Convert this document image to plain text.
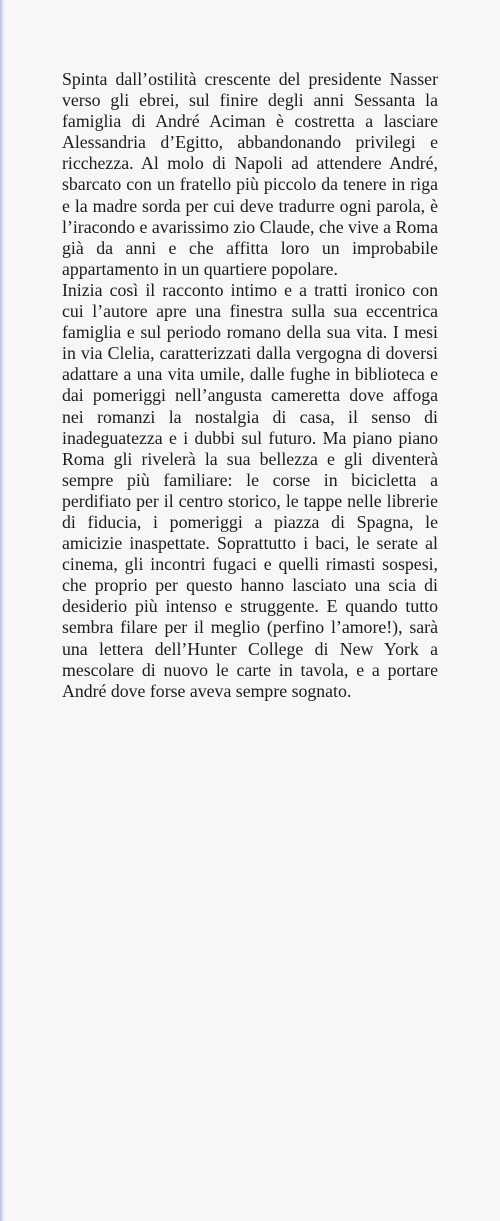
Spinta dall’ostilità crescente del presidente Nasser verso gli ebrei, sul finire degli anni Sessanta la famiglia di André Aciman è costretta a lasciare Alessandria d’Egitto, abbandonando privilegi e ricchezza. Al molo di Napoli ad attendere André, sbarcato con un fratello più piccolo da tenere in riga e la madre sorda per cui deve tradurre ogni parola, è l’iracondo e avarissimo zio Claude, che vive a Roma già da anni e che affitta loro un improbabile appartamento in un quartiere popolare.

Inizia così il racconto intimo e a tratti ironico con cui l’autore apre una finestra sulla sua eccentrica famiglia e sul periodo romano della sua vita. I mesi in via Clelia, caratterizzati dalla vergogna di doversi adattare a una vita umile, dalle fughe in biblioteca e dai pomeriggi nell’angusta cameretta dove affoga nei romanzi la nostalgia di casa, il senso di inadeguatezza e i dubbi sul futuro. Ma piano piano Roma gli rivelerà la sua bellezza e gli diventerà sempre più familiare: le corse in bicicletta a perdifiato per il centro storico, le tappe nelle librerie di fiducia, i pomeriggi a piazza di Spagna, le amicizie inaspettate. Soprattutto i baci, le serate al cinema, gli incontri fugaci e quelli rimasti sospesi, che proprio per questo hanno lasciato una scia di desiderio più intenso e struggente. E quando tutto sembra filare per il meglio (perfino l’amore!), sarà una lettera dell’Hunter College di New York a mescolare di nuovo le carte in tavola, e a portare André dove forse aveva sempre sognato.
